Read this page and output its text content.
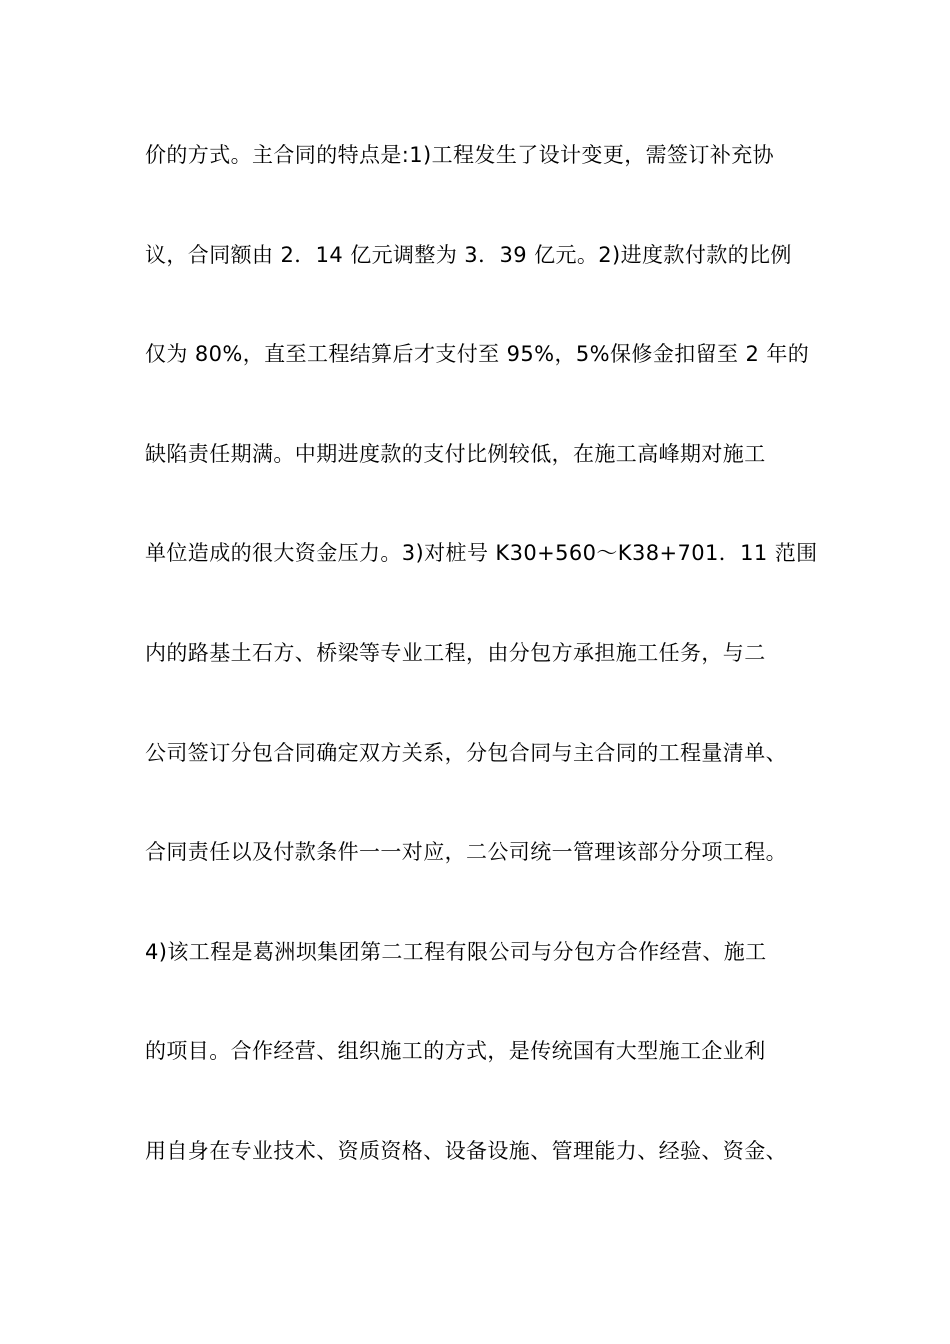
价的方式。主合同的特点是:1)工程发生了设计变更，需签订补充协
议，合同额由 2．14 亿元调整为 3．39 亿元。2)进度款付款的比例
仅为 80%，直至工程结算后才支付至 95%，5%保修金扣留至 2 年的
缺陷责任期满。中期进度款的支付比例较低，在施工高峰期对施工
单位造成的很大资金压力。3)对桩号 K30+560～K38+701．11 范围
内的路基土石方、桥梁等专业工程，由分包方承担施工任务，与二
公司签订分包合同确定双方关系，分包合同与主合同的工程量清单、
合同责任以及付款条件一一对应，二公司统一管理该部分分项工程。
4)该工程是葛洲坝集团第二工程有限公司与分包方合作经营、施工
的项目。合作经营、组织施工的方式，是传统国有大型施工企业利
用自身在专业技术、资质资格、设备设施、管理能力、经验、资金、
